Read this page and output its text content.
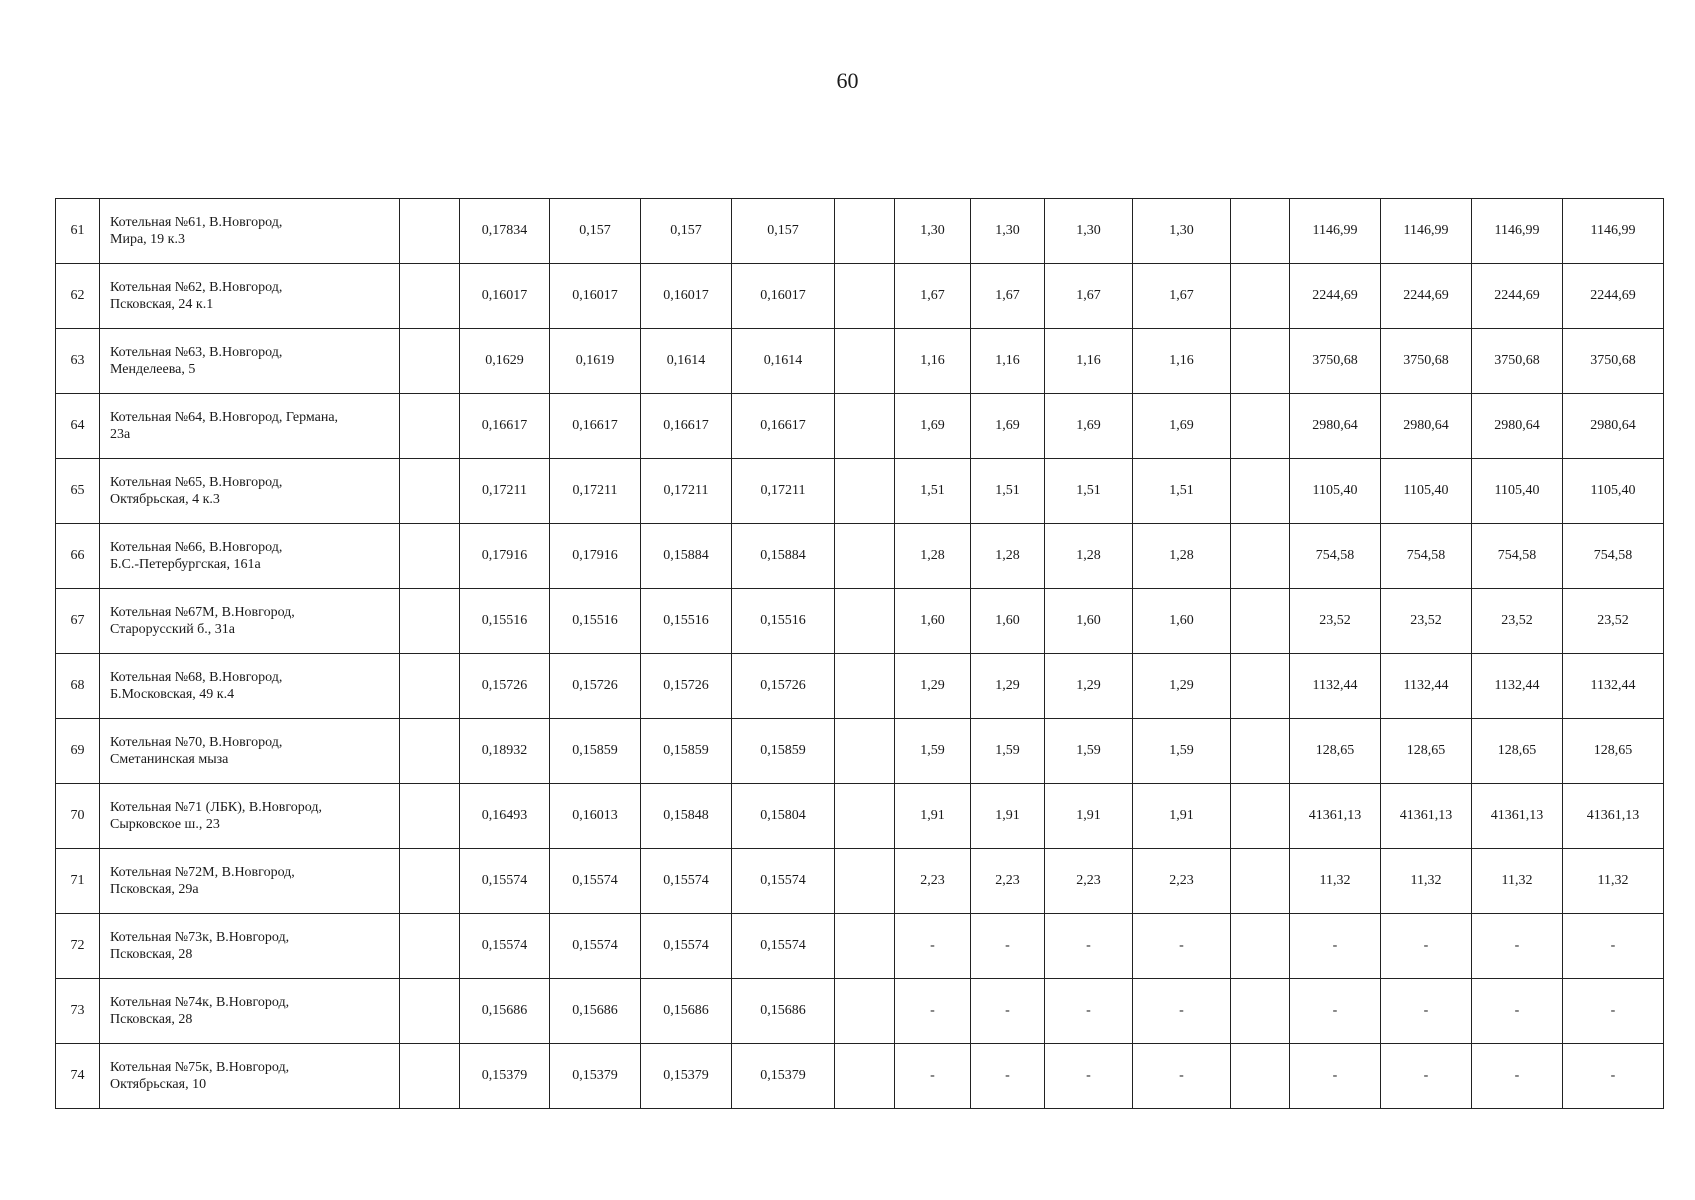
60
61	Котельная №61, В.Новгород,
Мира, 19 к.3		0,17834	0,157	0,157	0,157		1,30	1,30	1,30	1,30		1146,99	1146,99	1146,99	1146,99
62	Котельная №62, В.Новгород,
Псковская, 24 к.1		0,16017	0,16017	0,16017	0,16017		1,67	1,67	1,67	1,67		2244,69	2244,69	2244,69	2244,69
63	Котельная №63, В.Новгород,
Менделеева, 5		0,1629	0,1619	0,1614	0,1614		1,16	1,16	1,16	1,16		3750,68	3750,68	3750,68	3750,68
64	Котельная №64, В.Новгород, Германа,
23а		0,16617	0,16617	0,16617	0,16617		1,69	1,69	1,69	1,69		2980,64	2980,64	2980,64	2980,64
65	Котельная №65, В.Новгород,
Октябрьская, 4 к.3		0,17211	0,17211	0,17211	0,17211		1,51	1,51	1,51	1,51		1105,40	1105,40	1105,40	1105,40
66	Котельная №66, В.Новгород,
Б.С.-Петербургская, 161а		0,17916	0,17916	0,15884	0,15884		1,28	1,28	1,28	1,28		754,58	754,58	754,58	754,58
67	Котельная №67М, В.Новгород,
Старорусский б., 31а		0,15516	0,15516	0,15516	0,15516		1,60	1,60	1,60	1,60		23,52	23,52	23,52	23,52
68	Котельная №68, В.Новгород,
Б.Московская, 49 к.4		0,15726	0,15726	0,15726	0,15726		1,29	1,29	1,29	1,29		1132,44	1132,44	1132,44	1132,44
69	Котельная №70, В.Новгород,
Сметанинская мыза		0,18932	0,15859	0,15859	0,15859		1,59	1,59	1,59	1,59		128,65	128,65	128,65	128,65
70	Котельная №71 (ЛБК), В.Новгород,
Сырковское ш., 23		0,16493	0,16013	0,15848	0,15804		1,91	1,91	1,91	1,91		41361,13	41361,13	41361,13	41361,13
71	Котельная №72М, В.Новгород,
Псковская, 29а		0,15574	0,15574	0,15574	0,15574		2,23	2,23	2,23	2,23		11,32	11,32	11,32	11,32
72	Котельная №73к, В.Новгород,
Псковская, 28		0,15574	0,15574	0,15574	0,15574		-	-	-	-		-	-	-	-
73	Котельная №74к, В.Новгород,
Псковская, 28		0,15686	0,15686	0,15686	0,15686		-	-	-	-		-	-	-	-
74	Котельная №75к, В.Новгород,
Октябрьская, 10		0,15379	0,15379	0,15379	0,15379		-	-	-	-		-	-	-	-
